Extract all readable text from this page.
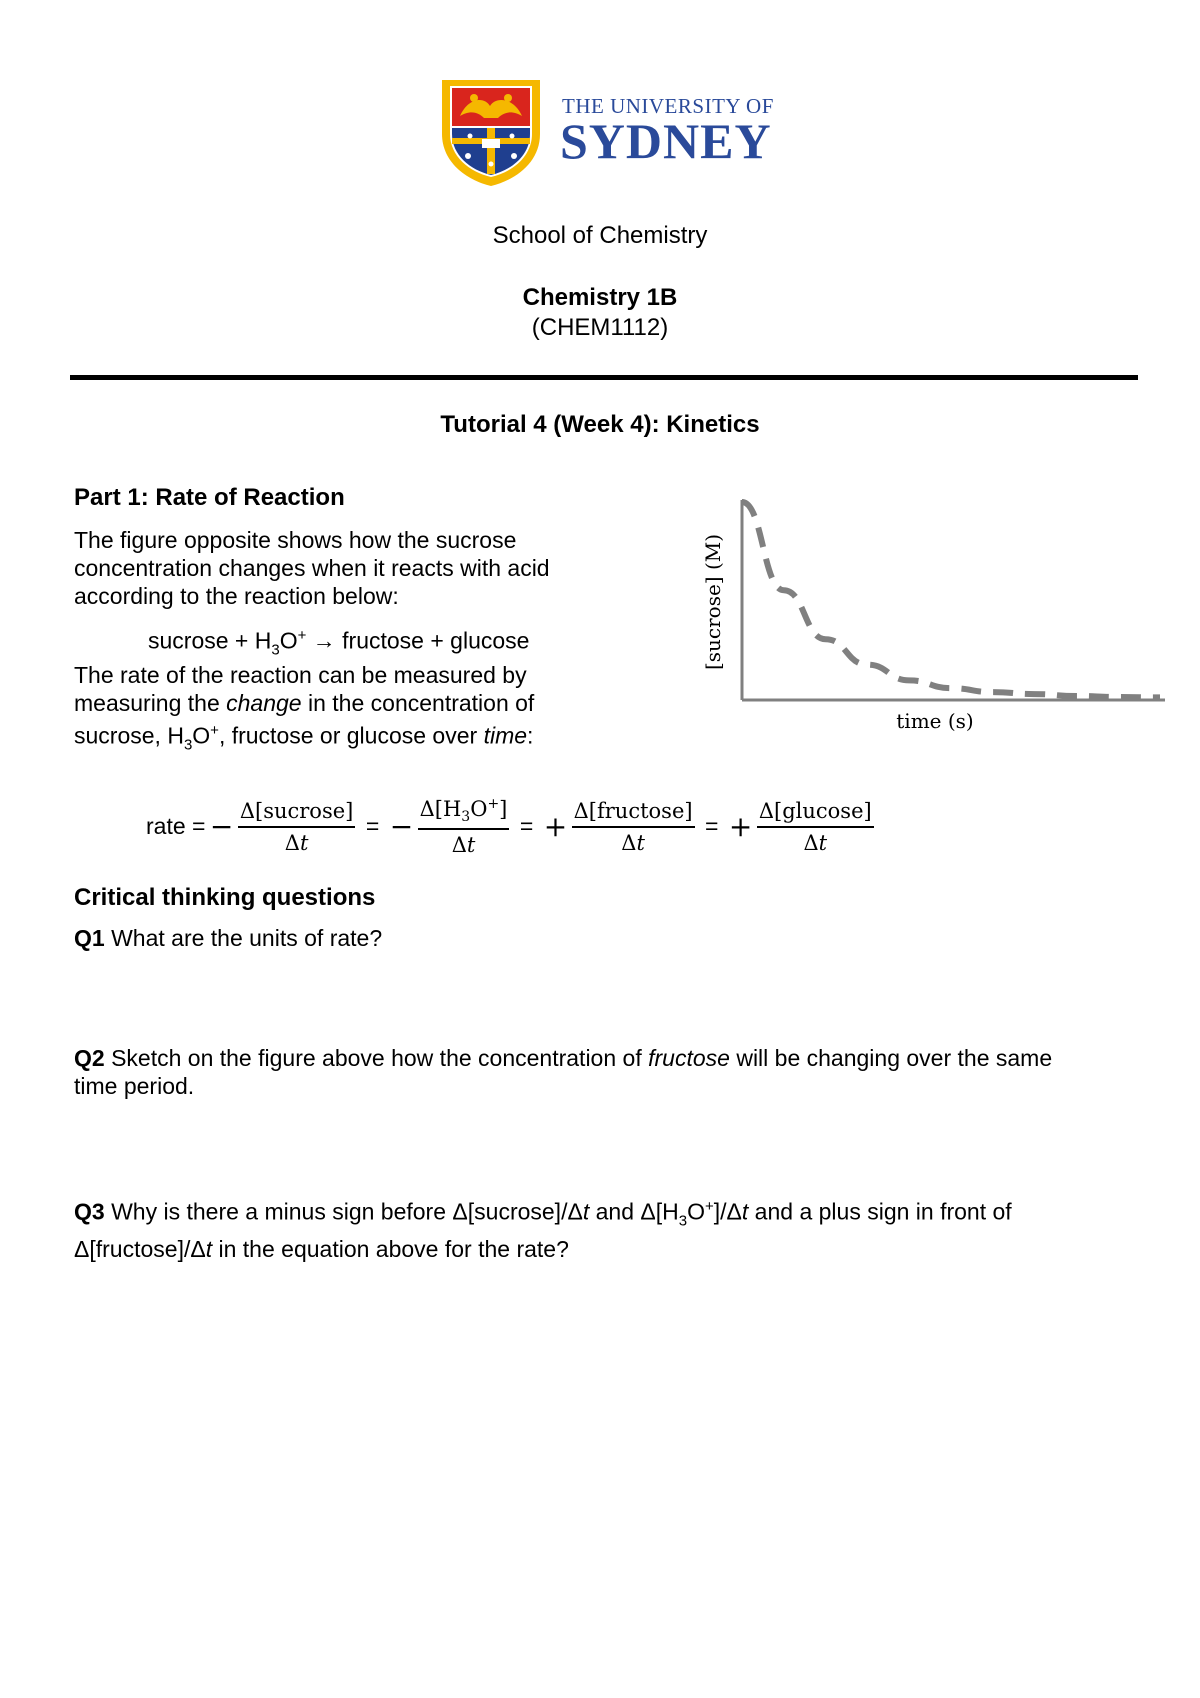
THE UNIVERSITY OF
SYDNEY
School of Chemistry
Chemistry 1B
(CHEM1112)
Tutorial 4 (Week 4): Kinetics
Part 1: Rate of Reaction
The figure opposite shows how the sucrose
concentration changes when it reacts with acid
according to the reaction below:
sucrose + $H_3O^+$ → fructose + glucose
The rate of the reaction can be measured by
measuring the change in the concentration of
sucrose, $H_3O^+$, fructose or glucose over time:
[sucrose] (M)
time (s)
rate = − $\frac{\text{Δ[sucrose]}}{\text{Δ𝑡}}$ = − $\frac{\Delta[H_3O^+]}{\text{Δ𝑡}}$ = + $\frac{\text{Δ[fructose]}}{\text{Δ𝑡}}$ = + $\frac{\text{Δ[glucose]}}{\text{Δ𝑡}}$
Critical thinking questions
Q1 What are the units of rate?
Q2 Sketch on the figure above how the concentration of fructose will be changing over the same
time period.
Q3 Why is there a minus sign before Δ[sucrose]/Δt and $\Delta[H_3O^+]/\Delta t$ and a plus sign in front of
Δ[fructose]/Δt in the equation above for the rate?
